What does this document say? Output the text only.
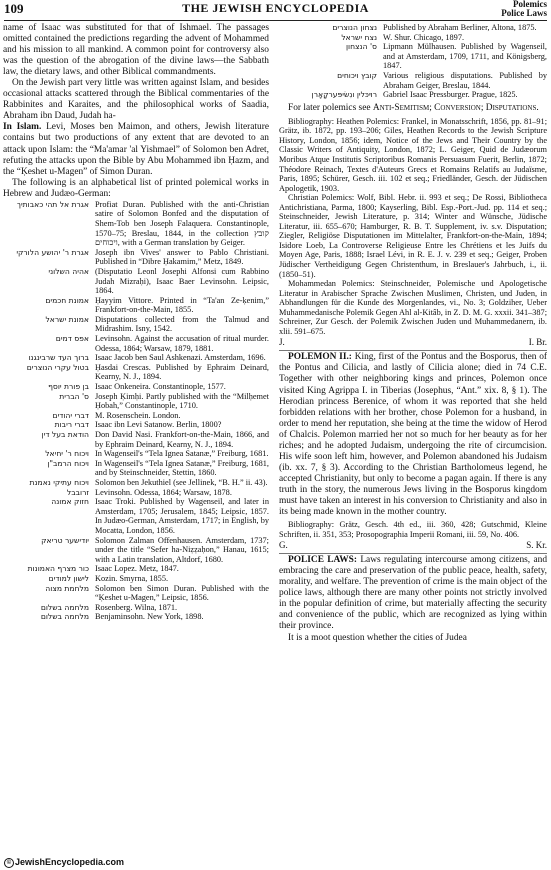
109	THE JEWISH ENCYCLOPEDIA	Polemics
Police Laws

name of Isaac was substituted for that of Ishmael. The passages omitted contained the predictions regarding the advent of Mohammed and his mission to all mankind. A common point for controversy also was the question of the abrogation of the divine laws—the Sabbath law, the dietary laws, and other Biblical commandments.

On the Jewish part very little was written against Islam, and besides occasional attacks scattered through the Biblical commentaries of the Rabbinites and Karaites, and the philosophical works of Saadia, Abraham ibn Daud, Judah ha-

In Islam. Levi, Moses ben Maimon, and others, Jewish literature contains but two productions of any extent that are devoted to an attack upon Islam: the “Ma'amar 'al Yishmael” of Solomon ben Adret, refuting the attacks upon the Bible by Abu Mohammed ibn Ḥazm, and the “Ḳeshet u-Magen” of Simon Duran.

The following is an alphabetical list of printed polemical works in Hebrew and Judæo-German:

אגרת אל תהי כאבותיך	Profiat Duran. Published with the anti-Christian satire of Solomon Bonfed and the disputation of Shem-Tob ben Joseph Falaquera. Constantinople, 1570–75; Breslau, 1844, in the collection קובץ ויכוחים, with a German translation by Geiger.
אגרת ר' יהושע הלורקי	Joseph ibn Vives' answer to Pablo Christiani. Published in “Dibre Ḥakamim,” Metz, 1849.
אהיה השלוני	(Disputatio Leonl Josephi Alfonsi cum Rabbino Judah Mizraḥi), Isaac Baer Levinsohn. Leipsic, 1864.
אמונת חכמים	Ḥayyim Vittore. Printed in “Ta'an Ze-ḳenim,” Frankfort-on-the-Main, 1855.
אמונת ישראל	Disputations collected from the Talmud and Midrashim. Isny, 1542.
אפס דמים	Levinsohn. Against the accusation of ritual murder. Odessa, 1864; Warsaw, 1879, 1881.
ברוך העד שרבינגנו	Isaac Jacob ben Saul Ashkenazi. Amsterdam, 1696.
בטול עקרי הנוצרים	Ḥasdai Crescas. Published by Ephraim Deinard, Kearny, N. J., 1894.
בן פורת יוסף	Isaac Onkeneira. Constantinople, 1577.
ס' הברית	Joseph Ḳimḥi. Partly published with the “Milḥemet Ḥobah,” Constantinople, 1710.
דברי יהודים	M. Rosenschein. London.
דברי ריבות	Isaac ibn Levi Satanow. Berlin, 1800?
הודאת בעל דין	Don David Nasi. Frankfort-on-the-Main, 1866, and by Ephraim Deinard, Kearny, N. J., 1894.
ויכוח ר' יחיאל	In Wagenseil's “Tela Ignea Satanæ,” Freiburg, 1681.
ויכוח הרמב"ן	In Wagenseil's “Tela Ignea Satanæ,” Freiburg, 1681, and by Steinschneider, Stettin, 1860.
ויכוח עתיקי נאמנת	Solomon ben Jekuthiel (see Jellinek, “B. H.” ii. 43).
זרובבל	Levinsohn. Odessa, 1864; Warsaw, 1878.
חזוק אמונה	Isaac Troki. Published by Wagenseil, and later in Amsterdam, 1705; Jerusalem, 1845; Leipsic, 1857. In Judæo-German, Amsterdam, 1717; in English, by Mocatta, London, 1856.
יודישער טריאק	Solomon Zalman Offenhausen. Amsterdam, 1737; under the title “Sefer ha-Niẓẓaḥon,” Hanau, 1615; with a Latin translation, Altdorf, 1680.
כור מצרף האמונות	Isaac Lopez. Metz, 1847.
לישון למודים	Kozin. Smyrna, 1855.
מלחמת מצוה	Solomon ben Simon Duran. Published with the “Ḳeshet u-Magen,” Leipsic, 1856.
מלחמה בשלום	Rosenberg. Wilna, 1871.
מלחמה בשלום	Benjaminsohn. New York, 1898.
נצחון הנוצרים	Published by Abraham Berliner, Altona, 1875.
נצח ישראל	W. Shur. Chicago, 1897.
ס' הנצחון	Lipmann Mülhausen. Published by Wagenseil, and at Amsterdam, 1709, 1711, and Königsberg, 1847.
קובץ ויכוחים	Various religious disputations. Published by Abraham Geiger, Breslau, 1844.
רוּיכּלין ונִשׂיפּערקָאָרן	Gabriel Isaac Pressburger. Prague, 1825.

For later polemics see Anti-Semitism; Conversion; Disputations.

Bibliography: Heathen Polemics: Frankel, in Monatsschrift, 1856, pp. 81–91; Grätz, ib. 1872, pp. 193–206; Giles, Heathen Records to the Jewish Scripture History, London, 1856; idem, Notice of the Jews and Their Country by the Classic Writers of Antiquity, London, 1872; L. Geiger, Quid de Judæorum Moribus Atque Institutis Scriptoribus Romanis Persuasum Fuerit, Berlin, 1872; Théodore Reinach, Textes d'Auteurs Grecs et Romains Relatifs au Judaïsme, Paris, 1895; Schürer, Gesch. iii. 102 et seq.; Friedländer, Gesch. der Jüdischen Apologetik, 1903.

Christian Polemics: Wolf, Bibl. Hebr. ii. 993 et seq.; De Rossi, Bibliotheca Antichristiana, Parma, 1800; Kayserling, Bibl. Esp.-Port.-Jud. pp. 114 et seq.; Steinschneider, Jewish Literature, p. 314; Winter and Wünsche, Jüdische Literatur, iii. 655–670; Hamburger, R. B. T. Supplement, iv. s.v. Disputation; Ziegler, Religiöse Disputationen im Mittelalter, Frankfort-on-the-Main, 1894; Isidore Loeb, La Controverse Religieuse Entre les Chrétiens et les Juifs du Moyen Age, Paris, 1888; Israel Lévi, in R. E. J. v. 239 et seq.; Geiger, Proben Jüdischer Vertheidigung Gegen Christenthum, in Breslauer's Jahrbuch, i., ii. (1850–51).

Mohammedan Polemics: Steinschneider, Polemische und Apologetische Literatur in Arabischer Sprache Zwischen Muslimen, Christen, und Juden, in Abhandlungen für die Kunde des Morgenlandes, vi., No. 3; Goldziher, Ueber Muhammedanische Polemik Gegen Ahl al-Kitâb, in Z. D. M. G. xxxii. 341–387; Schreiner, Zur Gesch. der Polemik Zwischen Juden und Muhammedanern, ib. xlii. 591–675.

J.	I. Br.

POLEMON II.: King, first of the Pontus and the Bosporus, then of the Pontus and Cilicia, and lastly of Cilicia alone; died in 74 C.E. Together with other neighboring kings and princes, Polemon once visited King Agrippa I. in Tiberias (Josephus, “Ant.” xix. 8, § 1). The Herodian princess Berenice, of whom it was reported that she held forbidden relations with her brother, chose Polemon for a husband, in order to mend her reputation, she being at the time the widow of Herod of Chalcis. Polemon married her not so much for her beauty as for her riches; and he adopted Judaism, undergoing the rite of circumcision. His wife soon left him, however, and Polemon abandoned his Judaism (ib. xx. 7, § 3). According to the Christian Bartholomeus legend, he accepted Christianity, but only to become a pagan again. If there is any truth in the story, the numerous Jews living in the Bosporus kingdom must have taken an interest in his conversion to Christianity and also in its being made known in the mother country.

Bibliography: Grätz, Gesch. 4th ed., iii. 360, 428; Gutschmid, Kleine Schriften, ii. 351, 353; Prosopographia Imperii Romani, iii. 59, No. 406.

G.	S. Kr.

POLICE LAWS: Laws regulating intercourse among citizens, and embracing the care and preservation of the public peace, health, safety, morality, and welfare. The prevention of crime is the main object of the police laws, although there are many other points not strictly involved in the popular definition of crime, but materially affecting the security and convenience of the public, which are recognized as lying within their province.

It is a moot question whether the cities of Judea

© JewishEncyclopedia.com
